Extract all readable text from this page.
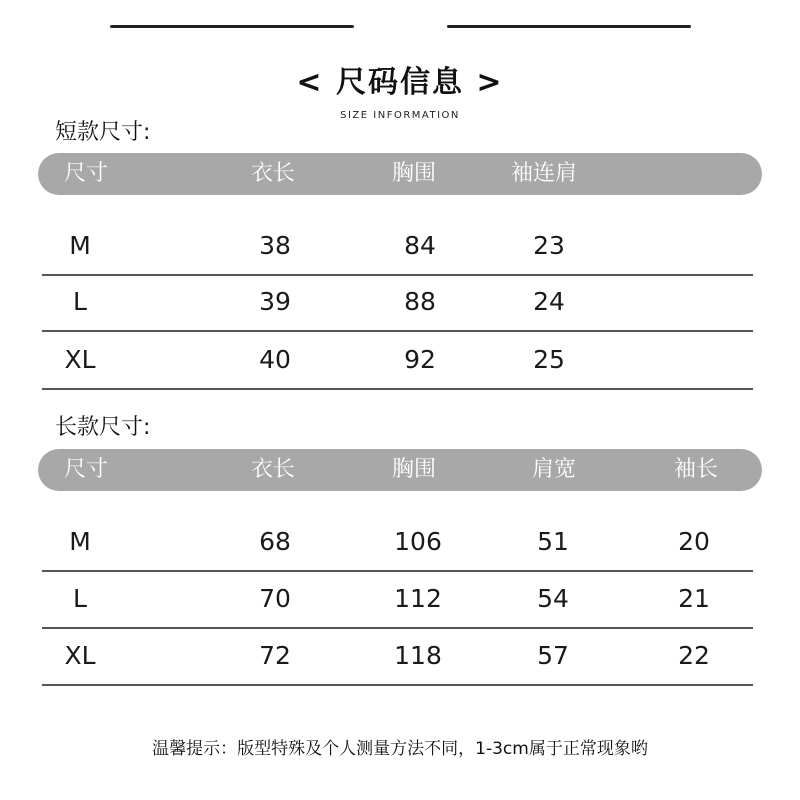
< 尺码信息 >
SIZE INFORMATION
短款尺寸:
尺寸	衣长	胸围	袖连肩
M	38	84	23
L	39	88	24
XL	40	92	25
长款尺寸:
尺寸	衣长	胸围	肩宽	袖长
M	68	106	51	20
L	70	112	54	21
XL	72	118	57	22
温馨提示：版型特殊及个人测量方法不同，1-3cm属于正常现象哟
